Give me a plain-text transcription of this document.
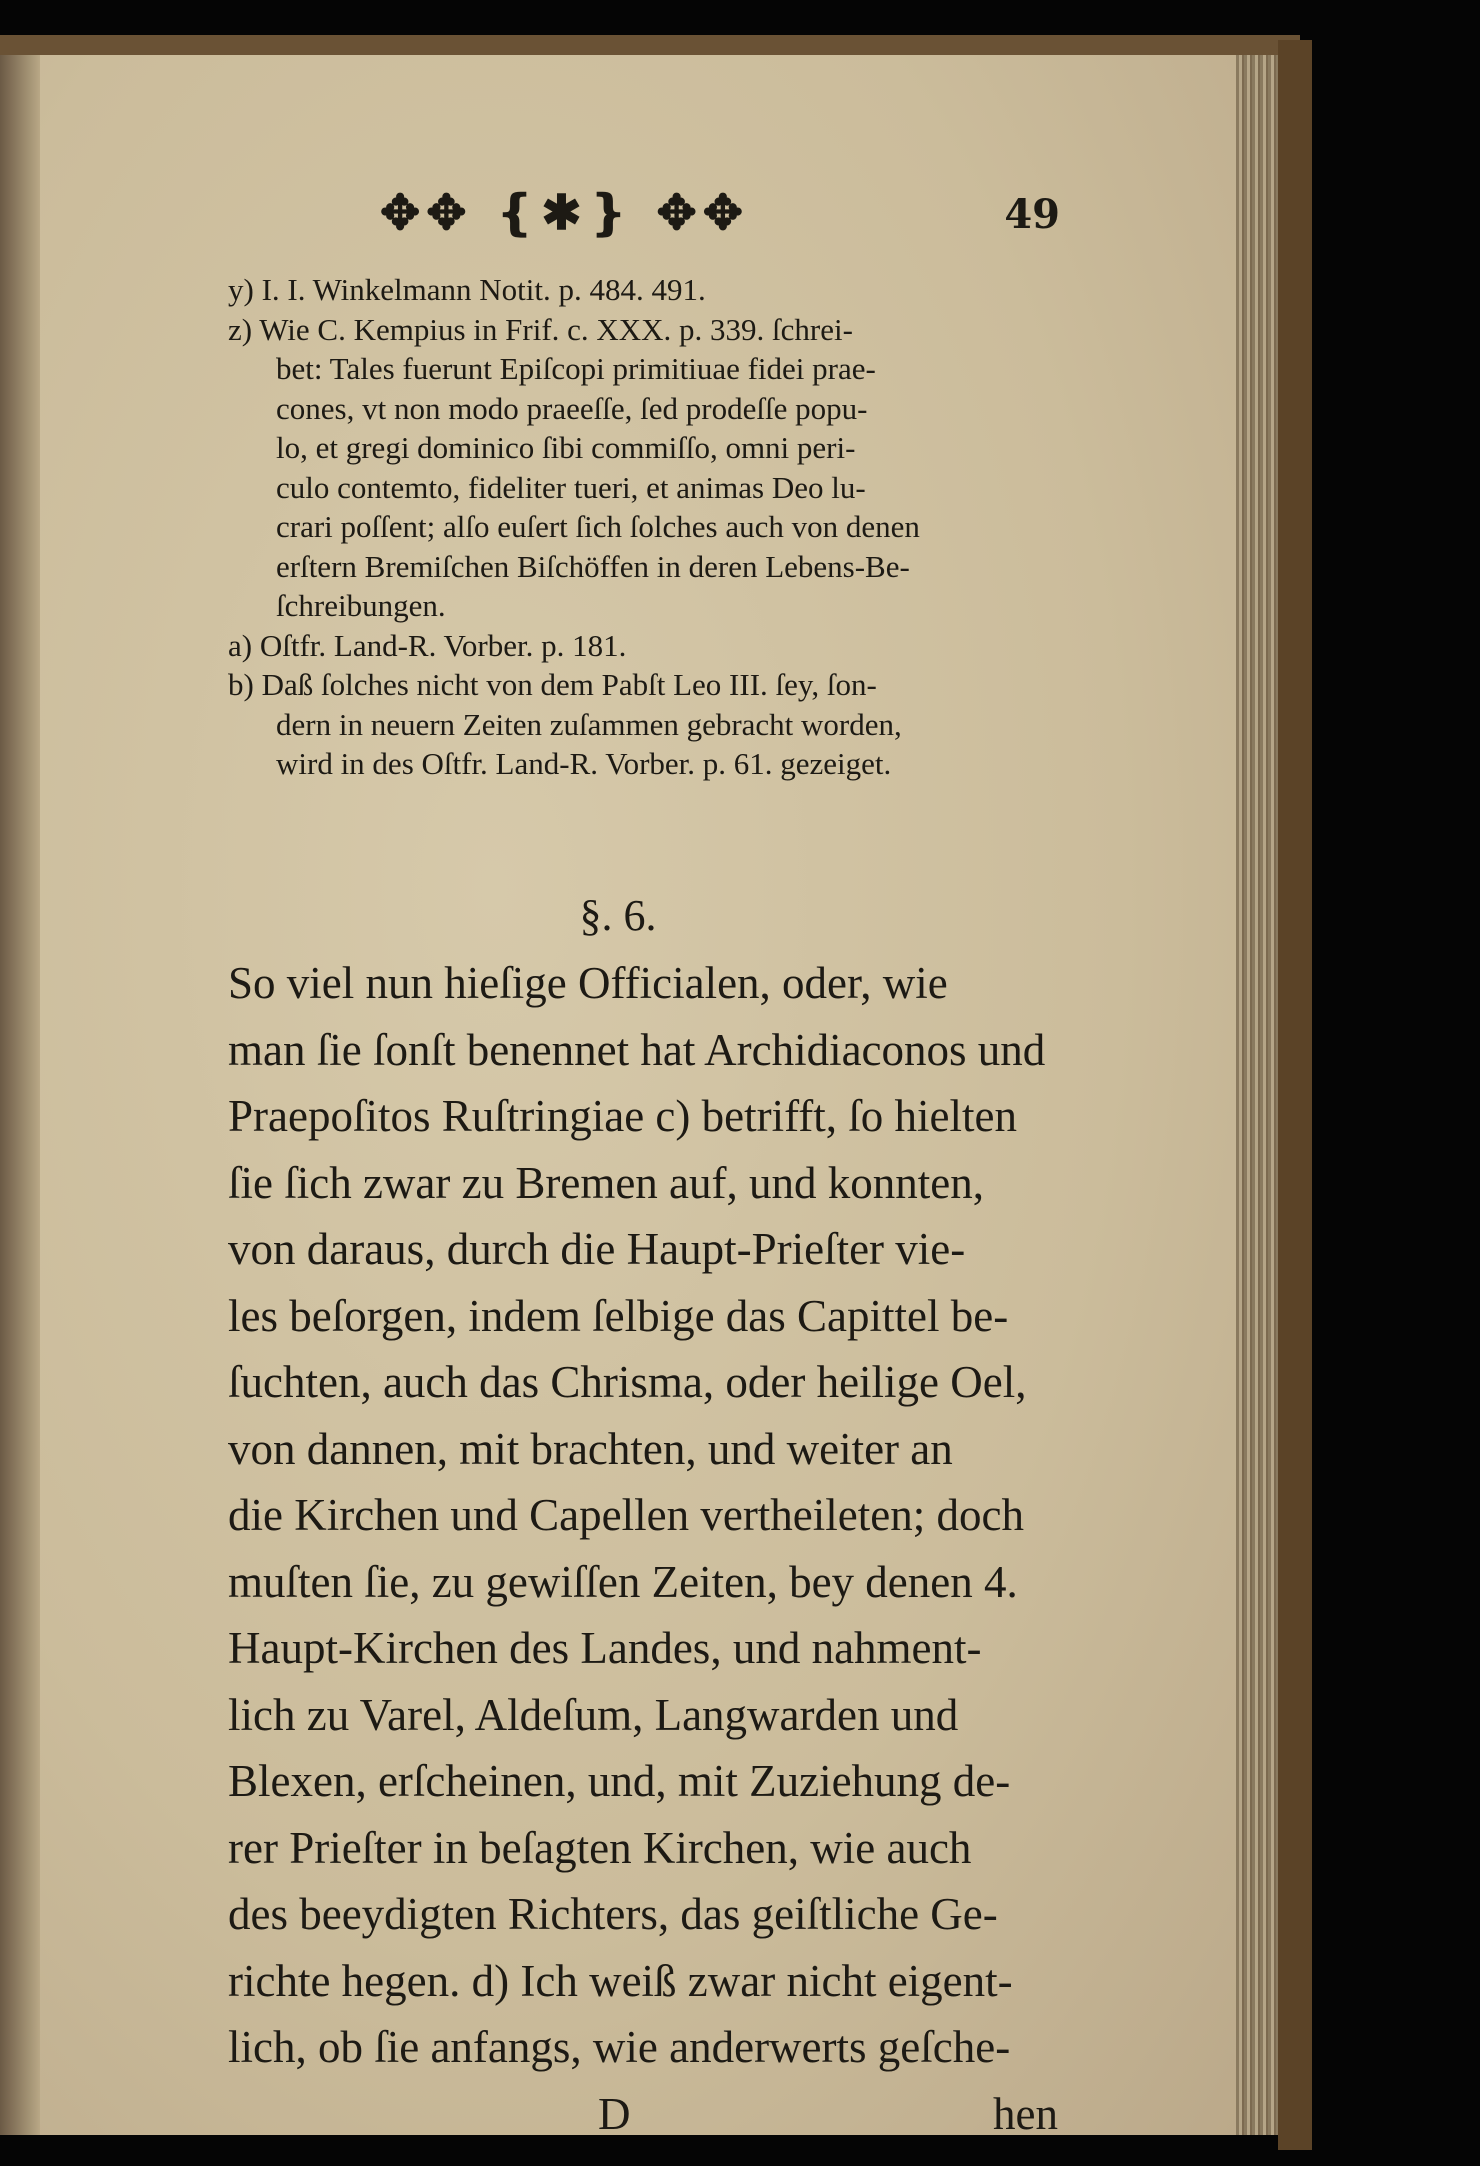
✥✥ ❴✱❵ ✥✥	49
y) I. I. Winkelmann Notit. p. 484. 491.
z) Wie C. Kempius in Frif. c. XXX. p. 339. ſchrei-
bet: Tales fuerunt Epiſcopi primitiuae fidei prae-
cones, vt non modo praeeſſe, ſed prodeſſe popu-
lo, et gregi dominico ſibi commiſſo, omni peri-
culo contemto, fideliter tueri, et animas Deo lu-
crari poſſent; alſo euſert ſich ſolches auch von denen
erſtern Bremiſchen Biſchöffen in deren Lebens-Be-
ſchreibungen.
a) Oſtfr. Land-R. Vorber. p. 181.
b) Daß ſolches nicht von dem Pabſt Leo III. ſey, ſon-
dern in neuern Zeiten zuſammen gebracht worden,
wird in des Oſtfr. Land-R. Vorber. p. 61. gezeiget.
§. 6.
So viel nun hieſige Officialen, oder, wie
man ſie ſonſt benennet hat Archidiaconos und
Praepoſitos Ruſtringiae c) betrifft, ſo hielten
ſie ſich zwar zu Bremen auf, und konnten,
von daraus, durch die Haupt-Prieſter vie-
les beſorgen, indem ſelbige das Capittel be-
ſuchten, auch das Chrisma, oder heilige Oel,
von dannen, mit brachten, und weiter an
die Kirchen und Capellen vertheileten; doch
muſten ſie, zu gewiſſen Zeiten, bey denen 4.
Haupt-Kirchen des Landes, und nahment-
lich zu Varel, Aldeſum, Langwarden und
Blexen, erſcheinen, und, mit Zuziehung de-
rer Prieſter in beſagten Kirchen, wie auch
des beeydigten Richters, das geiſtliche Ge-
richte hegen. d) Ich weiß zwar nicht eigent-
lich, ob ſie anfangs, wie anderwerts geſche-
D	hen
